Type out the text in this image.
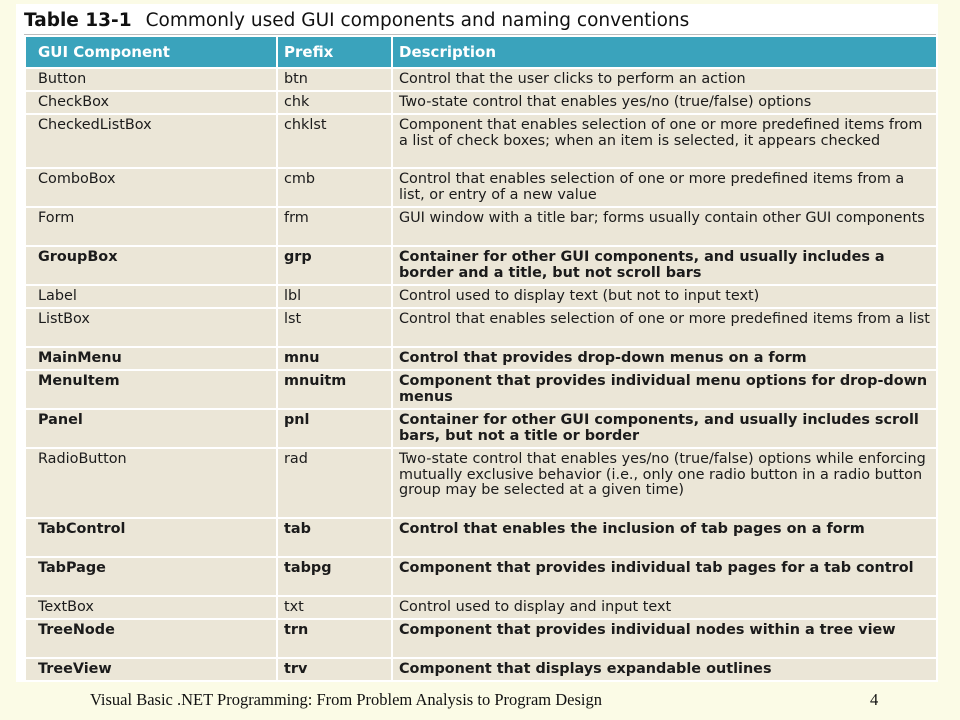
Table 13-1 Commonly used GUI components and naming conventions
GUI Component	Prefix	Description
Button	btn	Control that the user clicks to perform an action
CheckBox	chk	Two-state control that enables yes/no (true/false) options
CheckedListBox	chklst	Component that enables selection of one or more predefined items from a list of check boxes; when an item is selected, it appears checked
ComboBox	cmb	Control that enables selection of one or more predefined items from a list, or entry of a new value
Form	frm	GUI window with a title bar; forms usually contain other GUI components
GroupBox	grp	Container for other GUI components, and usually includes a border and a title, but not scroll bars
Label	lbl	Control used to display text (but not to input text)
ListBox	lst	Control that enables selection of one or more predefined items from a list
MainMenu	mnu	Control that provides drop-down menus on a form
MenuItem	mnuitm	Component that provides individual menu options for drop-down menus
Panel	pnl	Container for other GUI components, and usually includes scroll bars, but not a title or border
RadioButton	rad	Two-state control that enables yes/no (true/false) options while enforcing mutually exclusive behavior (i.e., only one radio button in a radio button group may be selected at a given time)
TabControl	tab	Control that enables the inclusion of tab pages on a form
TabPage	tabpg	Component that provides individual tab pages for a tab control
TextBox	txt	Control used to display and input text
TreeNode	trn	Component that provides individual nodes within a tree view
TreeView	trv	Component that displays expandable outlines
Visual Basic .NET Programming: From Problem Analysis to Program Design	4
